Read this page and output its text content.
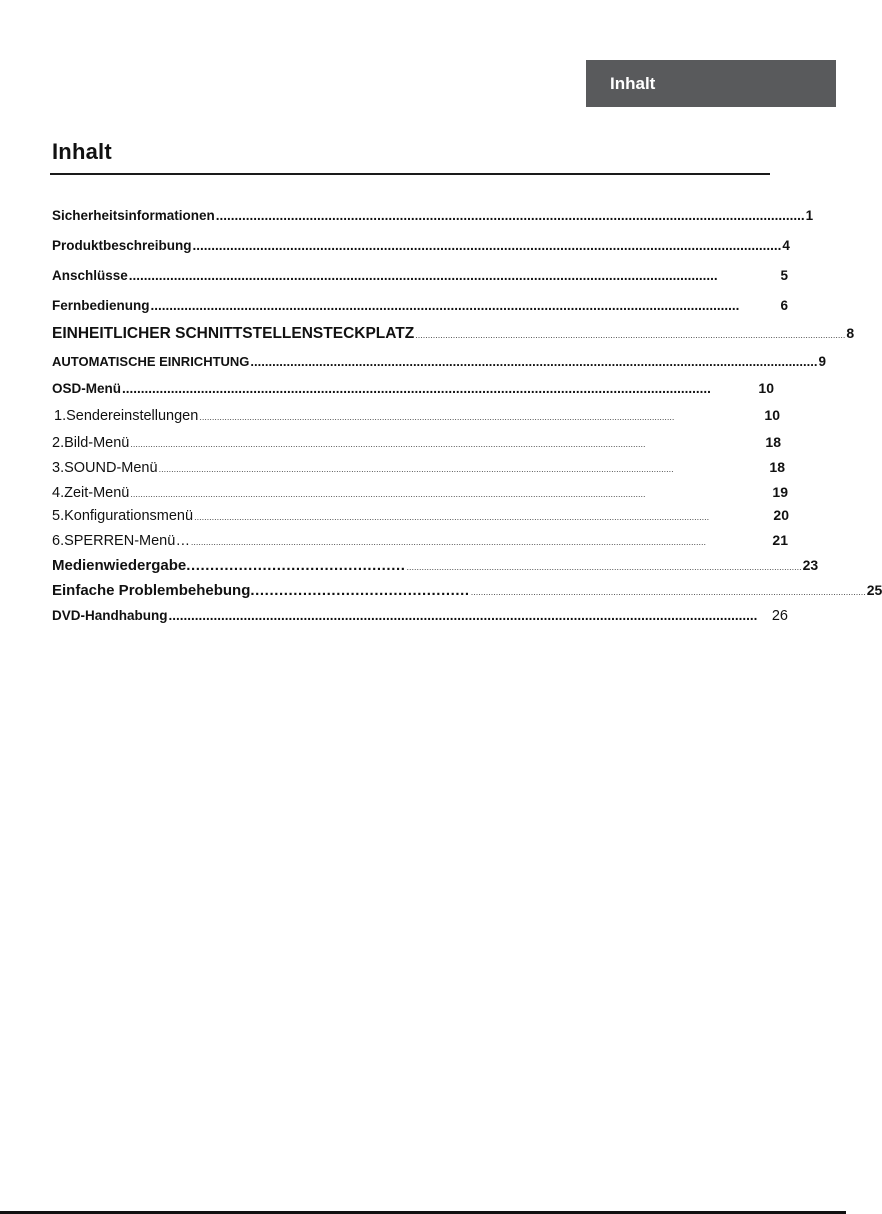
Inhalt
Inhalt
Sicherheitsinformationen ............................................................................................................................................................. 1
Produktbeschreibung ............................................................................................................................................................. 4
Anschlüsse .............................................................................................................................................................	5
Fernbedienung .............................................................................................................................................................	6
EINHEITLICHER SCHNITTSTELLENSTECKPLATZ ............................................................................................................................................................................ 8
AUTOMATISCHE EINRICHTUNG ............................................................................................................................................................. 9
OSD-Menü .............................................................................................................................................................	10
1.Sendereinstellungen ..............................................................................................................................................................................................	10
2.Bild-Menü ..............................................................................................................................................................................................................	18
3.SOUND-Menü ..............................................................................................................................................................................................................	18
4.Zeit-Menü ..............................................................................................................................................................................................................	19
5.Konfigurationsmenü ..............................................................................................................................................................................................................	20
6.SPERREN-Menü ... ..............................................................................................................................................................................................................	21
Medienwiedergabe .............................................. .............................................................................................................................................................. 23
Einfache Problembehebung .............................................. .............................................................................................................................................................. 25
DVD-Handhabung ............................................................................................................................................................. 26
